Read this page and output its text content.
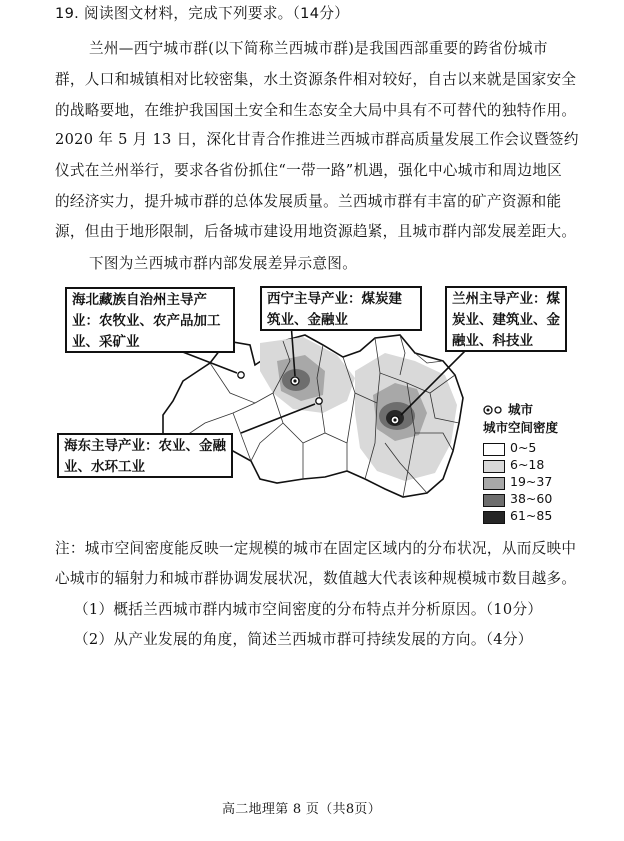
19. 阅读图文材料，完成下列要求。（14分）
兰州—西宁城市群(以下简称兰西城市群)是我国西部重要的跨省份城市
群，人口和城镇相对比较密集，水土资源条件相对较好，自古以来就是国家安全
的战略要地，在维护我国国土安全和生态安全大局中具有不可替代的独特作用。
2020 年 5 月 13 日，深化甘青合作推进兰西城市群高质量发展工作会议暨签约
仪式在兰州举行，要求各省份抓住“一带一路”机遇，强化中心城市和周边地区
的经济实力，提升城市群的总体发展质量。兰西城市群有丰富的矿产资源和能
源，但由于地形限制，后备城市建设用地资源趋紧，且城市群内部发展差距大。
下图为兰西城市群内部发展差异示意图。
海北藏族自治州主导产业：农牧业、农产品加工业、采矿业
西宁主导产业：煤炭建筑业、金融业
兰州主导产业：煤炭业、建筑业、金融业、科技业
海东主导产业：农业、金融业、水环工业
城市
城市空间密度
0~5
6~18
19~37
38~60
61~85
注：城市空间密度能反映一定规模的城市在固定区域内的分布状况，从而反映中
心城市的辐射力和城市群协调发展状况，数值越大代表该种规模城市数目越多。
（1）概括兰西城市群内城市空间密度的分布特点并分析原因。（10分）
（2）从产业发展的角度，简述兰西城市群可持续发展的方向。（4分）
高二地理第 8 页（共8页）
